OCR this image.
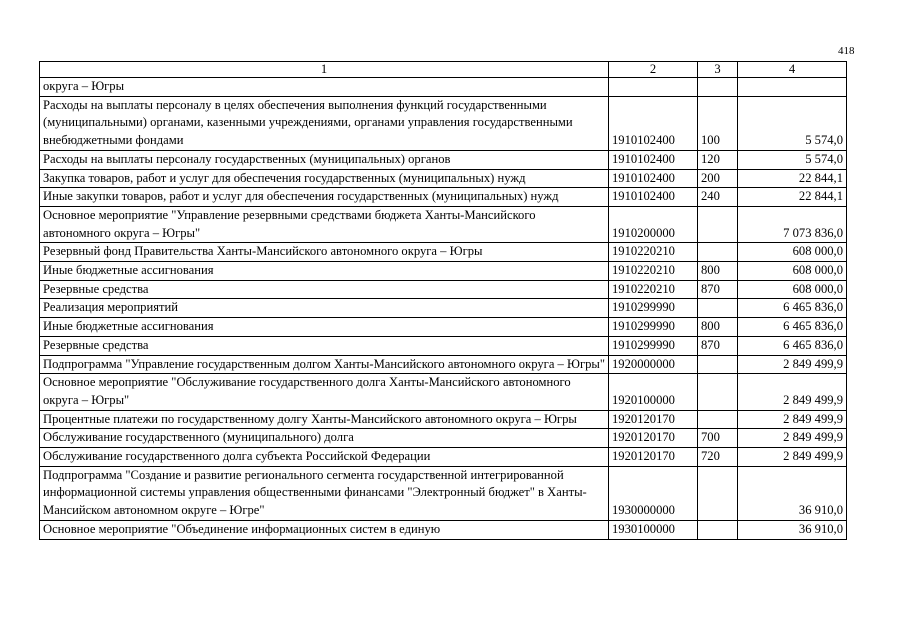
418
1	2	3	4
округа – Югры			
Расходы на выплаты персоналу в целях обеспечения выполнения функций государственными (муниципальными) органами, казенными учреждениями, органами управления государственными внебюджетными фондами	1910102400	100	5 574,0
Расходы на выплаты персоналу государственных (муниципальных) органов	1910102400	120	5 574,0
Закупка товаров, работ и услуг для обеспечения государственных (муниципальных) нужд	1910102400	200	22 844,1
Иные закупки товаров, работ и услуг для обеспечения государственных (муниципальных) нужд	1910102400	240	22 844,1
Основное мероприятие "Управление резервными средствами бюджета Ханты-Мансийского автономного округа – Югры"	1910200000		7 073 836,0
Резервный фонд Правительства Ханты-Мансийского автономного округа – Югры	1910220210		608 000,0
Иные бюджетные ассигнования	1910220210	800	608 000,0
Резервные средства	1910220210	870	608 000,0
Реализация мероприятий	1910299990		6 465 836,0
Иные бюджетные ассигнования	1910299990	800	6 465 836,0
Резервные средства	1910299990	870	6 465 836,0
Подпрограмма "Управление государственным долгом Ханты-Мансийского автономного округа – Югры"	1920000000		2 849 499,9
Основное мероприятие "Обслуживание государственного долга Ханты-Мансийского автономного округа – Югры"	1920100000		2 849 499,9
Процентные платежи по государственному долгу Ханты-Мансийского автономного округа – Югры	1920120170		2 849 499,9
Обслуживание государственного (муниципального) долга	1920120170	700	2 849 499,9
Обслуживание государственного долга субъекта Российской Федерации	1920120170	720	2 849 499,9
Подпрограмма "Создание и развитие регионального сегмента государственной интегрированной информационной системы управления общественными финансами "Электронный бюджет" в Ханты-Мансийском автономном округе – Югре"	1930000000		36 910,0
Основное мероприятие "Объединение информационных систем в единую	1930100000		36 910,0
